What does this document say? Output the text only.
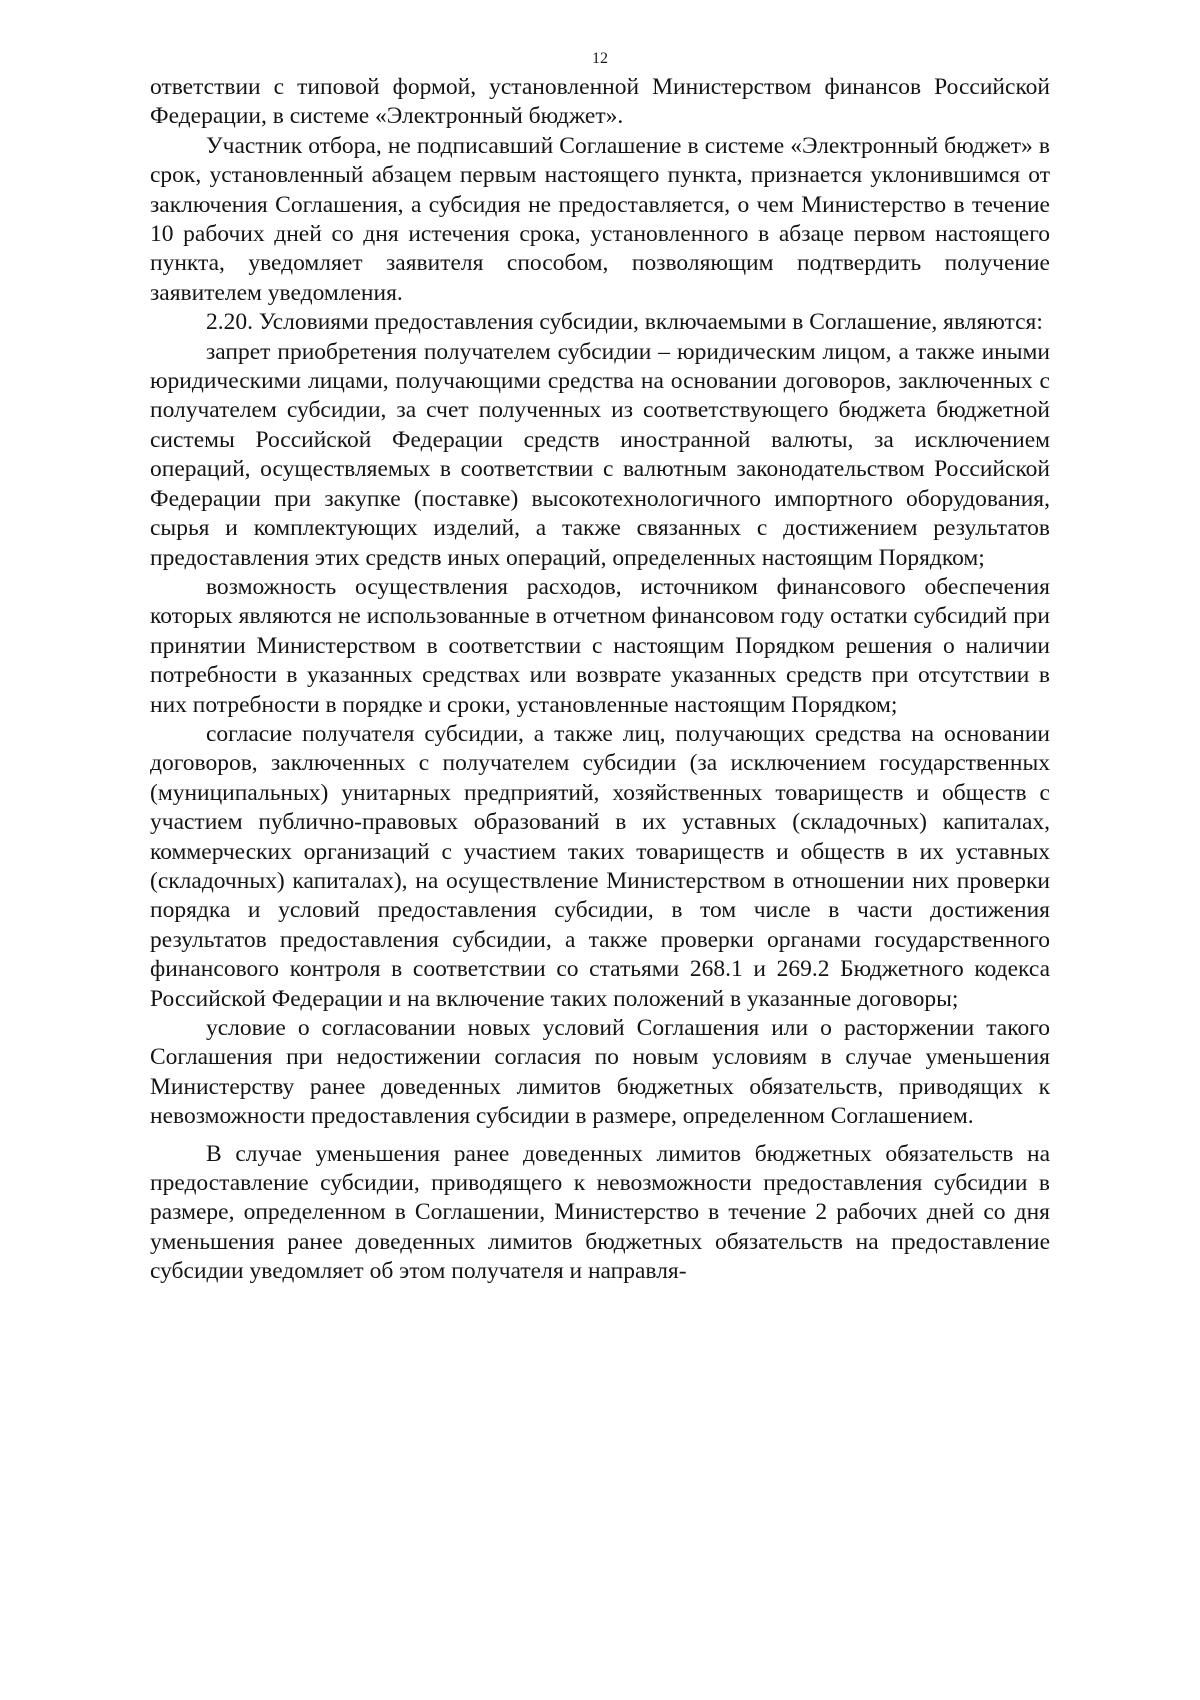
12

ответствии с типовой формой, установленной Министерством финансов Российской Федерации, в системе «Электронный бюджет».

Участник отбора, не подписавший Соглашение в системе «Электронный бюджет» в срок, установленный абзацем первым настоящего пункта, признается уклонившимся от заключения Соглашения, а субсидия не предоставляется, о чем Министерство в течение 10 рабочих дней со дня истечения срока, установленного в абзаце первом настоящего пункта, уведомляет заявителя способом, позволяющим подтвердить получение заявителем уведомления.

2.20. Условиями предоставления субсидии, включаемыми в Соглашение, являются:

запрет приобретения получателем субсидии – юридическим лицом, а также иными юридическими лицами, получающими средства на основании договоров, заключенных с получателем субсидии, за счет полученных из соответствующего бюджета бюджетной системы Российской Федерации средств иностранной валюты, за исключением операций, осуществляемых в соответствии с валютным законодательством Российской Федерации при закупке (поставке) высокотехнологичного импортного оборудования, сырья и комплектующих изделий, а также связанных с достижением результатов предоставления этих средств иных операций, определенных настоящим Порядком;

возможность осуществления расходов, источником финансового обеспечения которых являются не использованные в отчетном финансовом году остатки субсидий при принятии Министерством в соответствии с настоящим Порядком решения о наличии потребности в указанных средствах или возврате указанных средств при отсутствии в них потребности в порядке и сроки, установленные настоящим Порядком;

согласие получателя субсидии, а также лиц, получающих средства на основании договоров, заключенных с получателем субсидии (за исключением государственных (муниципальных) унитарных предприятий, хозяйственных товариществ и обществ с участием публично-правовых образований в их уставных (складочных) капиталах, коммерческих организаций с участием таких товариществ и обществ в их уставных (складочных) капиталах), на осуществление Министерством в отношении них проверки порядка и условий предоставления субсидии, в том числе в части достижения результатов предоставления субсидии, а также проверки органами государственного финансового контроля в соответствии со статьями 268.1 и 269.2 Бюджетного кодекса Российской Федерации и на включение таких положений в указанные договоры;

условие о согласовании новых условий Соглашения или о расторжении такого Соглашения при недостижении согласия по новым условиям в случае уменьшения Министерству ранее доведенных лимитов бюджетных обязательств, приводящих к невозможности предоставления субсидии в размере, определенном Соглашением.

В случае уменьшения ранее доведенных лимитов бюджетных обязательств на предоставление субсидии, приводящего к невозможности предоставления субсидии в размере, определенном в Соглашении, Министерство в течение 2 рабочих дней со дня уменьшения ранее доведенных лимитов бюджетных обязательств на предоставление субсидии уведомляет об этом получателя и направля-
